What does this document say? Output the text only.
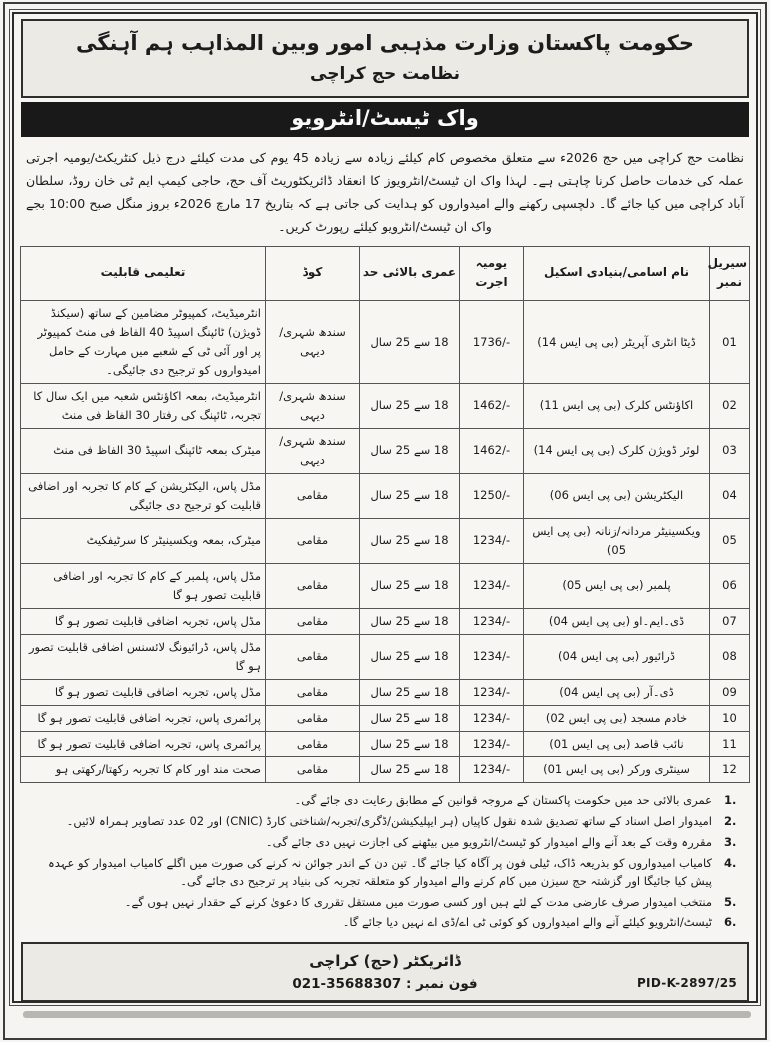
حکومت پاکستان وزارت مذہبی امور وبین المذاہب ہم آہنگی
نظامت حج کراچی
واک ٹیسٹ/انٹرویو
نظامت حج کراچی میں حج 2026ء سے متعلق مخصوص کام کیلئے زیادہ سے زیادہ 45 یوم کی مدت کیلئے درج ذیل کنٹریکٹ/یومیہ اجرتی عملہ کی خدمات حاصل کرنا چاہتی ہے۔ لہذا واک ان ٹیسٹ/انٹرویوز کا انعقاد ڈائریکٹوریٹ آف حج، حاجی کیمپ ایم ٹی خان روڈ، سلطان آباد کراچی میں کیا جائے گا۔ دلچسپی رکھنے والے امیدواروں کو ہدایت کی جاتی ہے کہ بتاریخ 17 مارچ 2026ء بروز منگل صبح 10:00 بجے واک ان ٹیسٹ/انٹرویو کیلئے رپورٹ کریں۔
سیریل نمبر	نام اسامی/بنیادی اسکیل	یومیہ اجرت	عمری بالائی حد	کوڈ	تعلیمی قابلیت
01	ڈیٹا انٹری آپریٹر (بی پی ایس 14)	1736/-	18 سے 25 سال	سندھ شہری/دیہی	انٹرمیڈیٹ، کمپیوٹر مضامین کے ساتھ (سیکنڈ ڈویژن) ٹائپنگ اسپیڈ 40 الفاظ فی منٹ کمپیوٹر پر اور آئی ٹی کے شعبے میں مہارت کے حامل امیدواروں کو ترجیح دی جائیگی۔
02	اکاؤنٹس کلرک (بی پی ایس 11)	1462/-	18 سے 25 سال	سندھ شہری/دیہی	انٹرمیڈیٹ، بمعہ اکاؤنٹس شعبہ میں ایک سال کا تجربہ، ٹائپنگ کی رفتار 30 الفاظ فی منٹ
03	لوئر ڈویژن کلرک (بی پی ایس 14)	1462/-	18 سے 25 سال	سندھ شہری/دیہی	میٹرک بمعہ ٹائپنگ اسپیڈ 30 الفاظ فی منٹ
04	الیکٹریشن (بی پی ایس 06)	1250/-	18 سے 25 سال	مقامی	مڈل پاس، الیکٹریشن کے کام کا تجربہ اور اضافی قابلیت کو ترجیح دی جائیگی
05	ویکسینیٹر مردانہ/زنانہ (بی پی ایس 05)	1234/-	18 سے 25 سال	مقامی	میٹرک، بمعہ ویکسینیٹر کا سرٹیفکیٹ
06	پلمبر (بی پی ایس 05)	1234/-	18 سے 25 سال	مقامی	مڈل پاس، پلمبر کے کام کا تجربہ اور اضافی قابلیت تصور ہو گا
07	ڈی۔ایم۔او (بی پی ایس 04)	1234/-	18 سے 25 سال	مقامی	مڈل پاس، تجربہ اضافی قابلیت تصور ہو گا
08	ڈرائیور (بی پی ایس 04)	1234/-	18 سے 25 سال	مقامی	مڈل پاس، ڈرائیونگ لائسنس اضافی قابلیت تصور ہو گا
09	ڈی۔آر (بی پی ایس 04)	1234/-	18 سے 25 سال	مقامی	مڈل پاس، تجربہ اضافی قابلیت تصور ہو گا
10	خادم مسجد (بی پی ایس 02)	1234/-	18 سے 25 سال	مقامی	پرائمری پاس، تجربہ اضافی قابلیت تصور ہو گا
11	نائب قاصد (بی پی ایس 01)	1234/-	18 سے 25 سال	مقامی	پرائمری پاس، تجربہ اضافی قابلیت تصور ہو گا
12	سینٹری ورکر (بی پی ایس 01)	1234/-	18 سے 25 سال	مقامی	صحت مند اور کام کا تجربہ رکھتا/رکھتی ہو
1.
عمری بالائی حد میں حکومت پاکستان کے مروجہ قوانین کے مطابق رعایت دی جائے گی۔
2.
امیدوار اصل اسناد کے ساتھ تصدیق شدہ نقول کاپیاں (ہر ایپلیکیشن/ڈگری/تجربہ/شناختی کارڈ (CNIC) اور 02 عدد تصاویر ہمراہ لائیں۔
3.
مقررہ وقت کے بعد آنے والے امیدوار کو ٹیسٹ/انٹرویو میں بیٹھنے کی اجازت نہیں دی جائے گی۔
4.
کامیاب امیدواروں کو بذریعہ ڈاک، ٹیلی فون پر آگاہ کیا جائے گا۔ تین دن کے اندر جوائن نہ کرنے کی صورت میں اگلے کامیاب امیدوار کو عہدہ پیش کیا جائیگا اور گزشتہ حج سیزن میں کام کرنے والے امیدوار کو متعلقہ تجربہ کی بنیاد پر ترجیح دی جائے گی۔
5.
منتخب امیدوار صرف عارضی مدت کے لئے ہیں اور کسی صورت میں مستقل تقرری کا دعویٰ کرنے کے حقدار نہیں ہوں گے۔
6.
ٹیسٹ/انٹرویو کیلئے آنے والے امیدواروں کو کوئی ٹی اے/ڈی اے نہیں دیا جائے گا۔
ڈائریکٹر (حج) کراچی
فون نمبر : 021-35688307	PID-K-2897/25
